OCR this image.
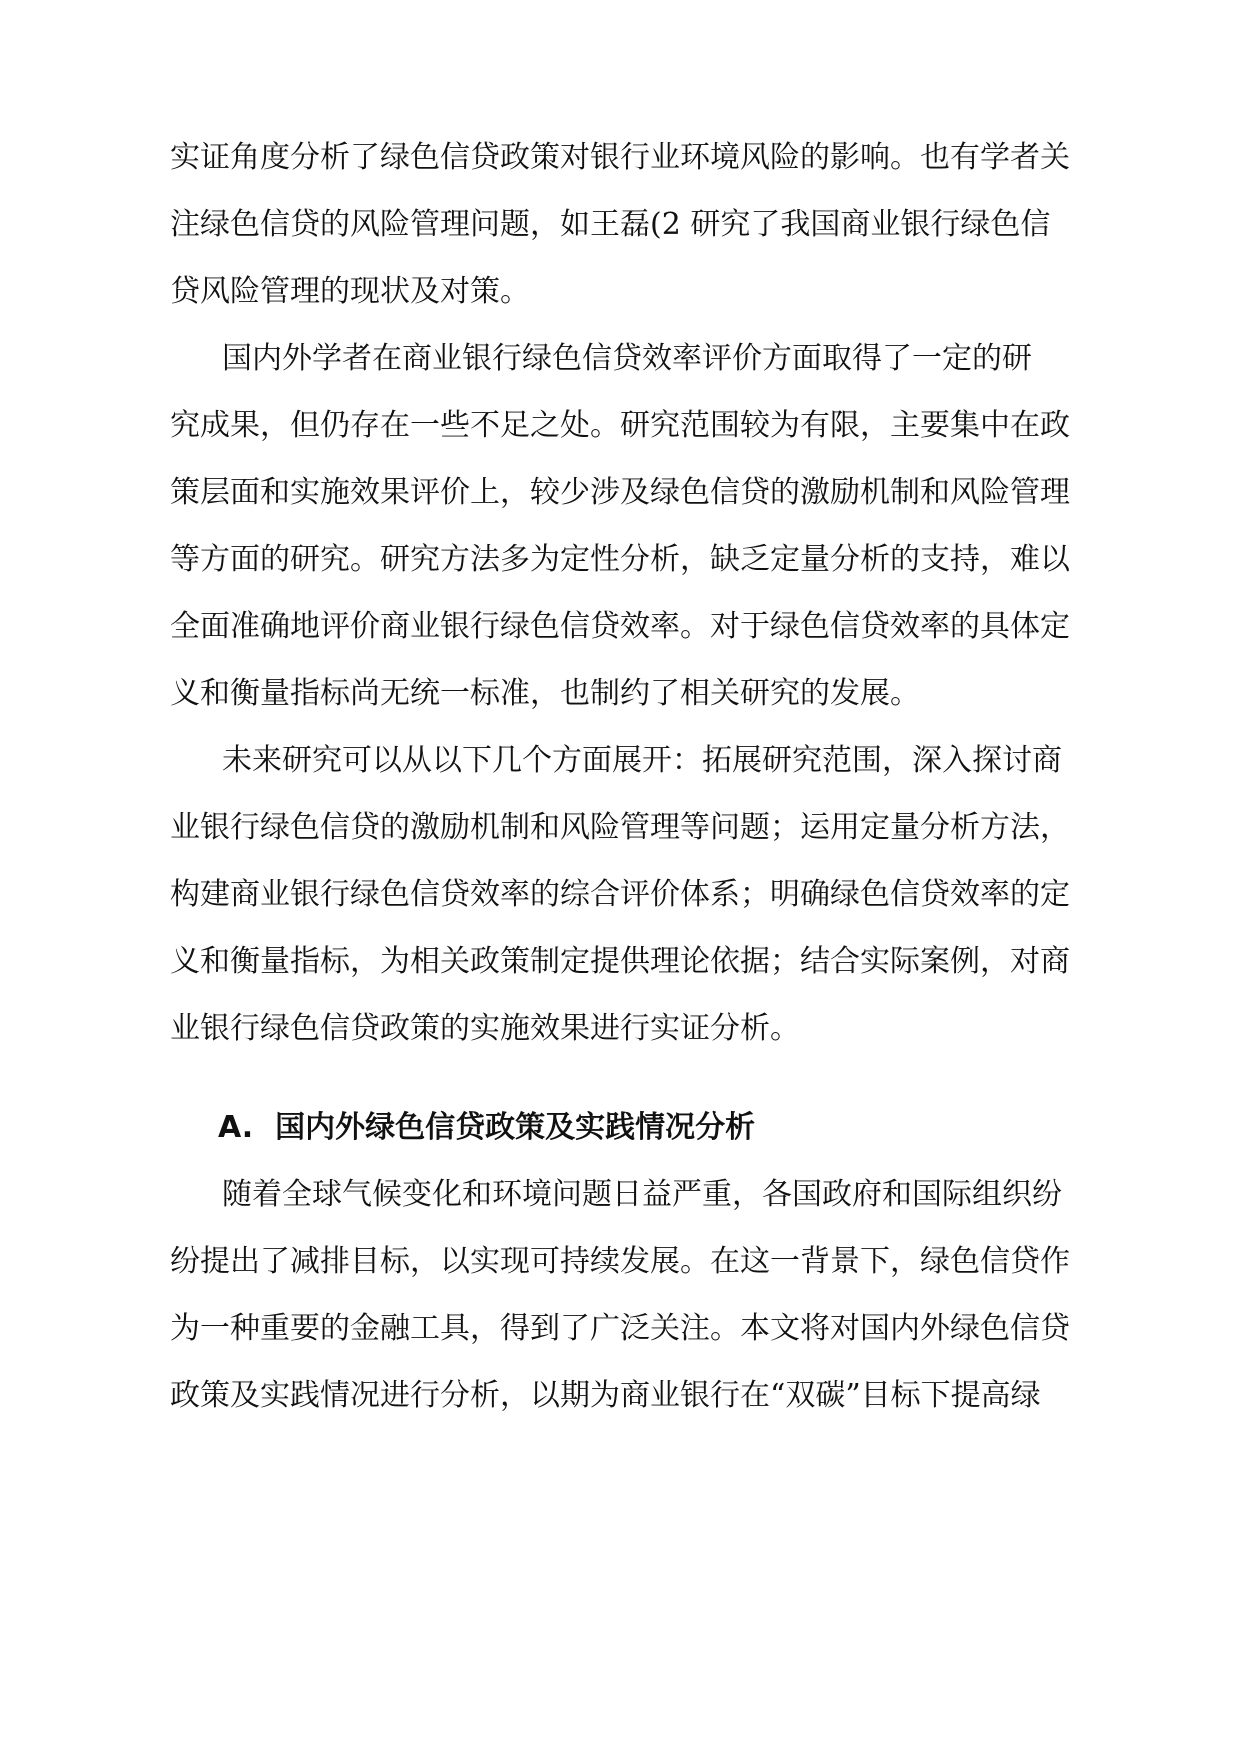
实证角度分析了绿色信贷政策对银行业环境风险的影响。也有学者关
注绿色信贷的风险管理问题，如王磊(2 研究了我国商业银行绿色信
贷风险管理的现状及对策。
国内外学者在商业银行绿色信贷效率评价方面取得了一定的研
究成果，但仍存在一些不足之处。研究范围较为有限，主要集中在政
策层面和实施效果评价上，较少涉及绿色信贷的激励机制和风险管理
等方面的研究。研究方法多为定性分析，缺乏定量分析的支持，难以
全面准确地评价商业银行绿色信贷效率。对于绿色信贷效率的具体定
义和衡量指标尚无统一标准，也制约了相关研究的发展。
未来研究可以从以下几个方面展开：拓展研究范围，深入探讨商
业银行绿色信贷的激励机制和风险管理等问题；运用定量分析方法，
构建商业银行绿色信贷效率的综合评价体系；明确绿色信贷效率的定
义和衡量指标，为相关政策制定提供理论依据；结合实际案例，对商
业银行绿色信贷政策的实施效果进行实证分析。
A. 国内外绿色信贷政策及实践情况分析
随着全球气候变化和环境问题日益严重，各国政府和国际组织纷
纷提出了减排目标，以实现可持续发展。在这一背景下，绿色信贷作
为一种重要的金融工具，得到了广泛关注。本文将对国内外绿色信贷
政策及实践情况进行分析，以期为商业银行在“双碳”目标下提高绿
